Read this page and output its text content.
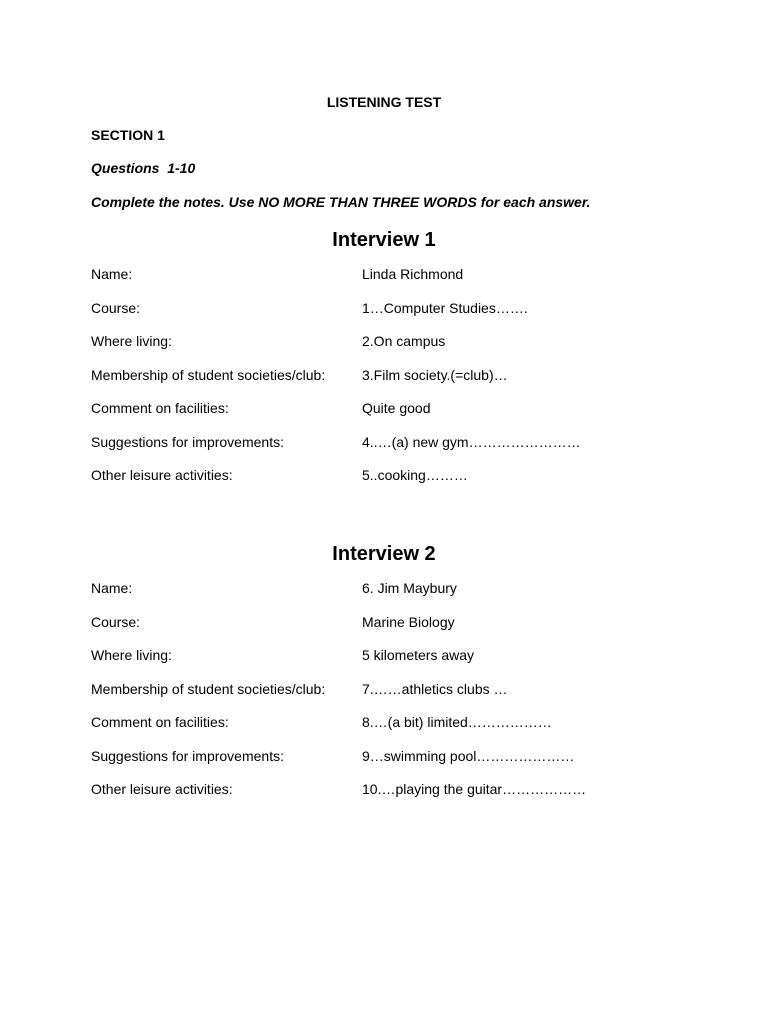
LISTENING TEST
SECTION 1
Questions  1-10
Complete the notes. Use NO MORE THAN THREE WORDS for each answer.
Interview 1
Name:	Linda Richmond
Course:	1…Computer Studies…….
Where living:	2.On campus
Membership of student societies/club:	3.Film society.(=club)…
Comment on facilities:	Quite good
Suggestions for improvements:	4..…(a) new gym……………………
Other leisure activities:	5..cooking………
Interview 2
Name:	6. Jim Maybury
Course:	Marine Biology
Where living:	5 kilometers away
Membership of student societies/club:	7.……athletics clubs …
Comment on facilities:	8.…(a bit) limited………………
Suggestions for improvements:	9…swimming pool…………………
Other leisure activities:	10.…playing the guitar………………
